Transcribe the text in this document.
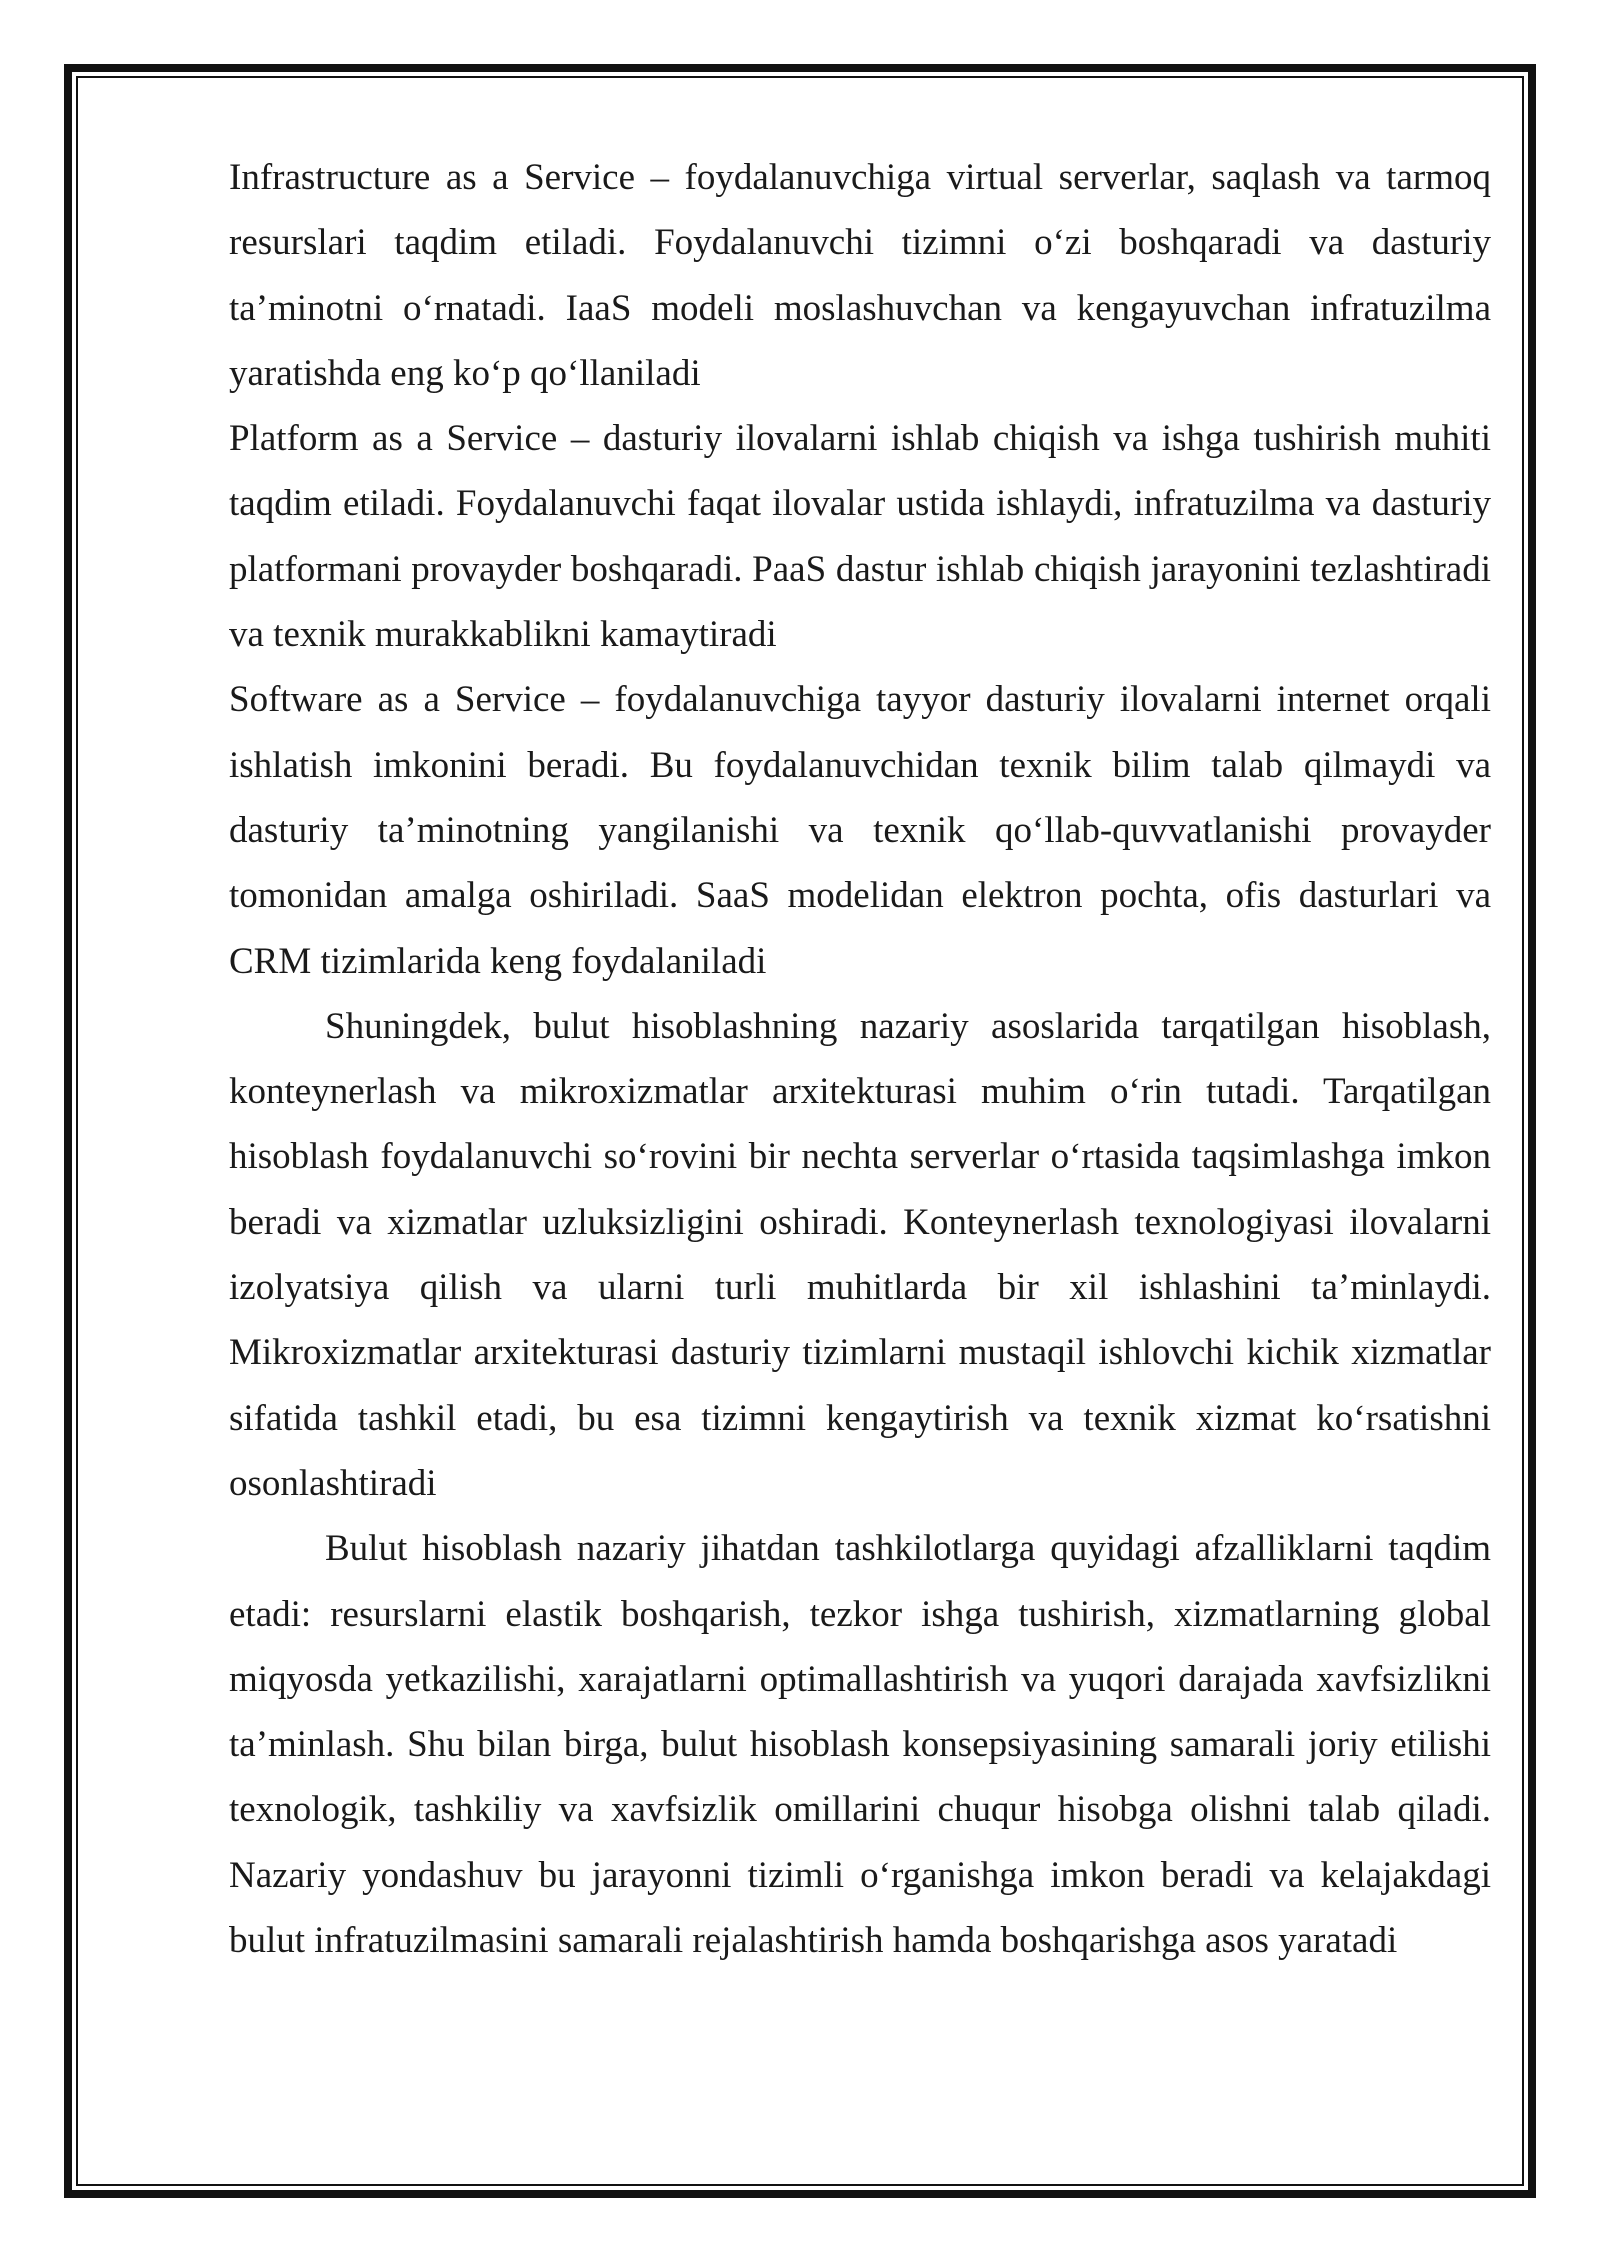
Infrastructure as a Service – foydalanuvchiga virtual serverlar, saqlash va tarmoq resurslari taqdim etiladi. Foydalanuvchi tizimni o‘zi boshqaradi va dasturiy ta’minotni o‘rnatadi. IaaS modeli moslashuvchan va kengayuvchan infratuzilma yaratishda eng ko‘p qo‘llaniladi

Platform as a Service – dasturiy ilovalarni ishlab chiqish va ishga tushirish muhiti taqdim etiladi. Foydalanuvchi faqat ilovalar ustida ishlaydi, infratuzilma va dasturiy platformani provayder boshqaradi. PaaS dastur ishlab chiqish jarayonini tezlashtiradi va texnik murakkablikni kamaytiradi

Software as a Service – foydalanuvchiga tayyor dasturiy ilovalarni internet orqali ishlatish imkonini beradi. Bu foydalanuvchidan texnik bilim talab qilmaydi va dasturiy ta’minotning yangilanishi va texnik qo‘llab-quvvatlanishi provayder tomonidan amalga oshiriladi. SaaS modelidan elektron pochta, ofis dasturlari va CRM tizimlarida keng foydalaniladi

Shuningdek, bulut hisoblashning nazariy asoslarida tarqatilgan hisoblash, konteynerlash va mikroxizmatlar arxitekturasi muhim o‘rin tutadi. Tarqatilgan hisoblash foydalanuvchi so‘rovini bir nechta serverlar o‘rtasida taqsimlashga imkon beradi va xizmatlar uzluksizligini oshiradi. Konteynerlash texnologiyasi ilovalarni izolyatsiya qilish va ularni turli muhitlarda bir xil ishlashini ta’minlaydi. Mikroxizmatlar arxitekturasi dasturiy tizimlarni mustaqil ishlovchi kichik xizmatlar sifatida tashkil etadi, bu esa tizimni kengaytirish va texnik xizmat ko‘rsatishni osonlashtiradi

Bulut hisoblash nazariy jihatdan tashkilotlarga quyidagi afzalliklarni taqdim etadi: resurslarni elastik boshqarish, tezkor ishga tushirish, xizmatlarning global miqyosda yetkazilishi, xarajatlarni optimallashtirish va yuqori darajada xavfsizlikni ta’minlash. Shu bilan birga, bulut hisoblash konsepsiyasining samarali joriy etilishi texnologik, tashkiliy va xavfsizlik omillarini chuqur hisobga olishni talab qiladi. Nazariy yondashuv bu jarayonni tizimli o‘rganishga imkon beradi va kelajakdagi bulut infratuzilmasini samarali rejalashtirish hamda boshqarishga asos yaratadi
